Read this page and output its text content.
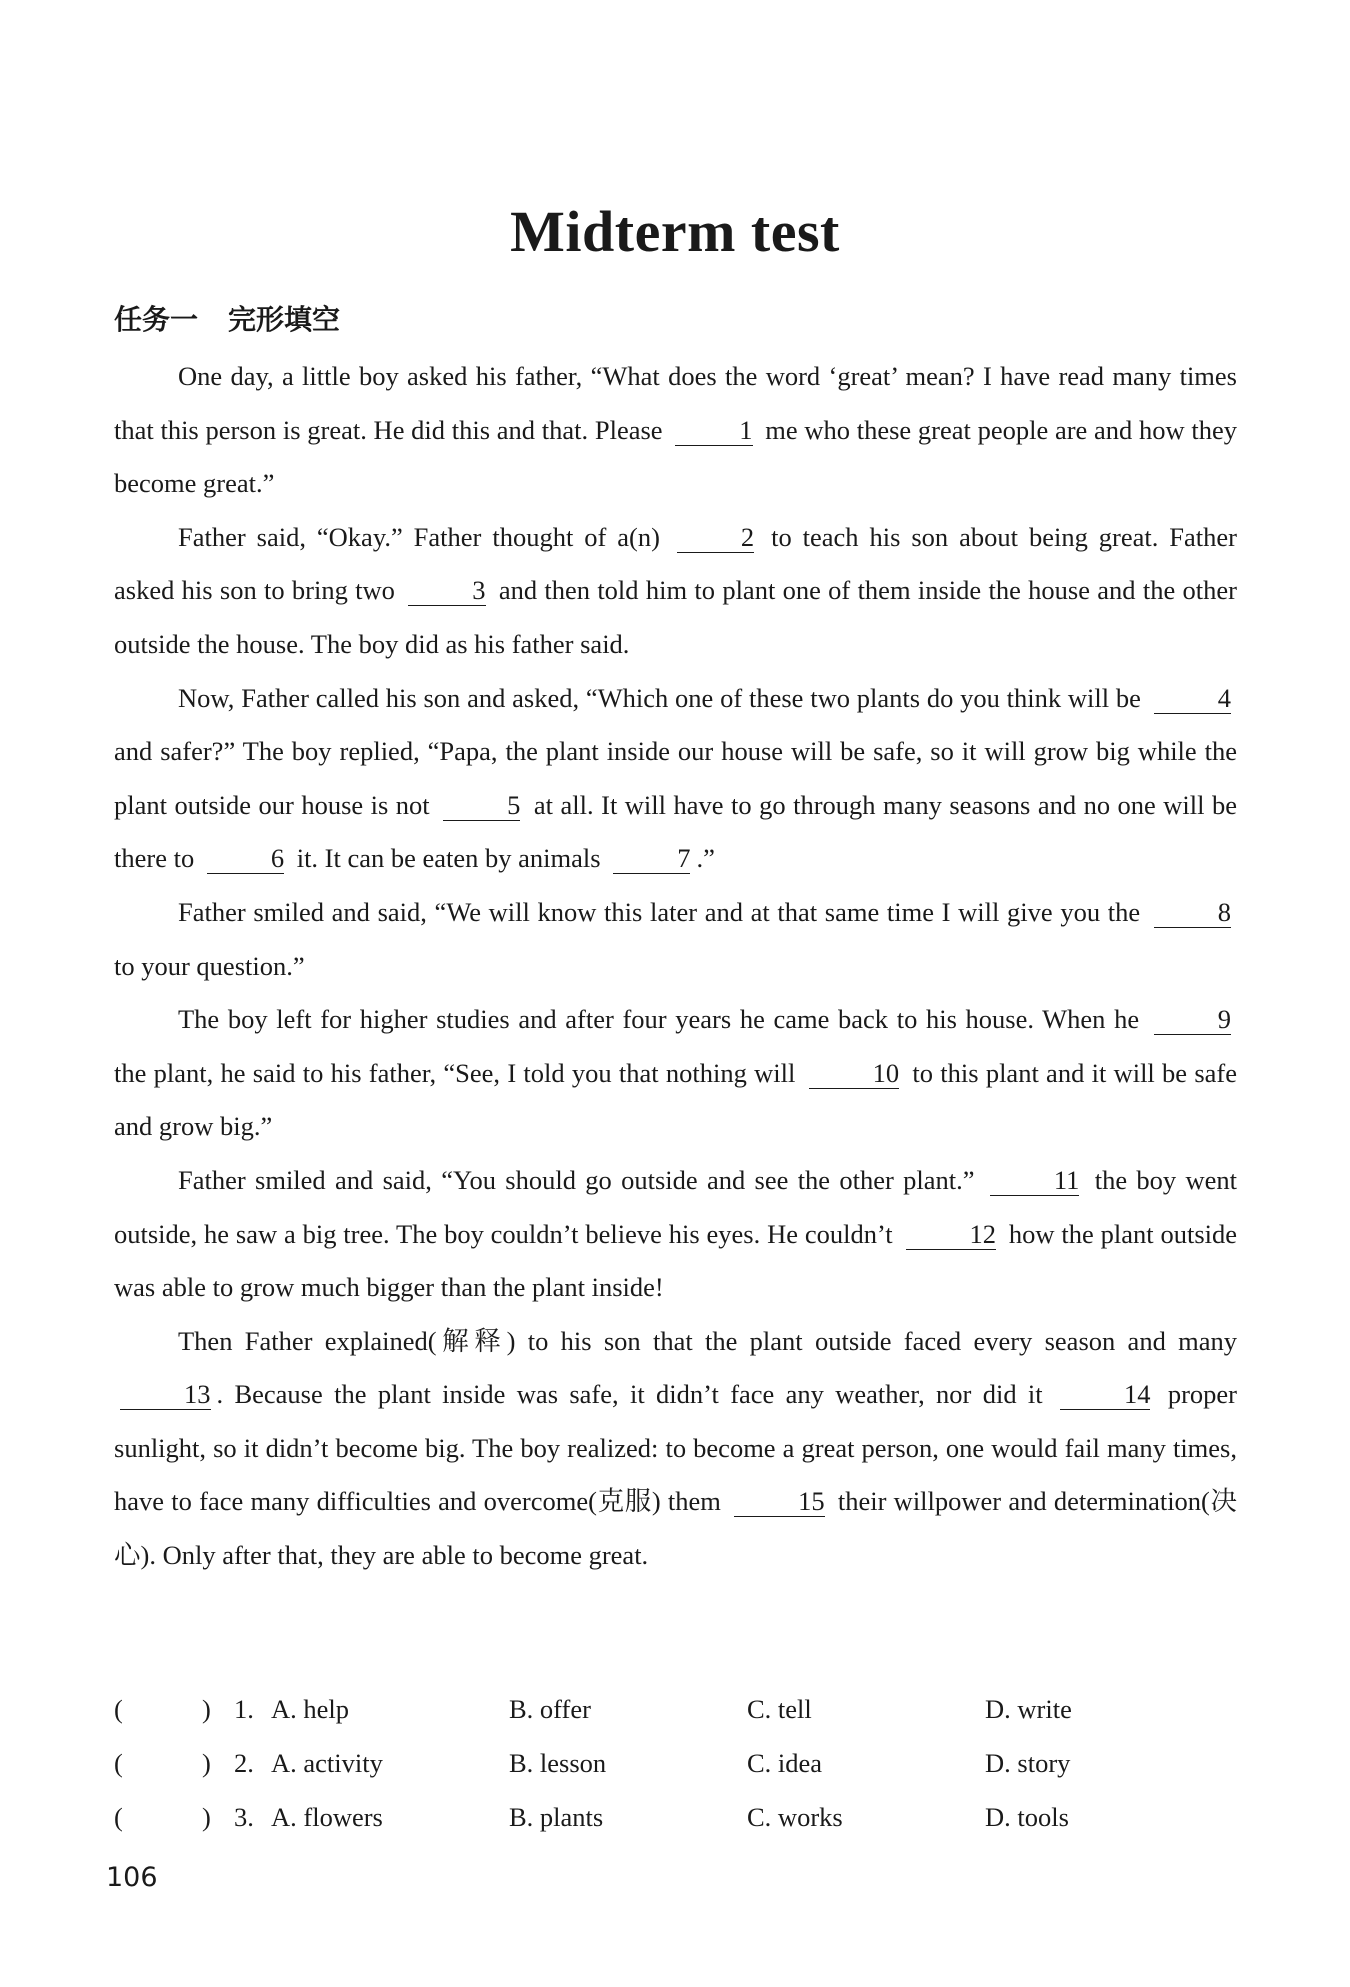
Midterm test
任务一 完形填空

One day, a little boy asked his father, “What does the word ‘great’ mean? I have read many times that this person is great. He did this and that. Please	1 me who these great people are and how they become great.”

Father said, “Okay.” Father thought of a(n)	2 to teach his son about being great. Father asked his son to bring two	3 and then told him to plant one of them inside the house and the other outside the house. The boy did as his father said.

Now, Father called his son and asked, “Which one of these two plants do you think will be	4 and safer?” The boy replied, “Papa, the plant inside our house will be safe, so it will grow big while the plant outside our house is not	5 at all. It will have to go through many seasons and no one will be there to	6 it. It can be eaten by animals	7 .”

Father smiled and said, “We will know this later and at that same time I will give you the	8 to your question.”

The boy left for higher studies and after four years he came back to his house. When he	9 the plant, he said to his father, “See, I told you that nothing will	10 to this plant and it will be safe and grow big.”

Father smiled and said, “You should go outside and see the other plant.”	11 the boy went outside, he saw a big tree. The boy couldn’t believe his eyes. He couldn’t	12 how the plant outside was able to grow much bigger than the plant inside!

Then Father explained(解释) to his son that the plant outside faced every season and many 13 . Because the plant inside was safe, it didn’t face any weather, nor did it	14 proper sunlight, so it didn’t become big. The boy realized: to become a great person, one would fail many times, have to face many difficulties and overcome(克服) them	15 their willpower and determination(决心). Only after that, they are able to become great.

(	) 1. A. help	B. offer	C. tell	D. write
(	) 2. A. activity	B. lesson	C. idea	D. story
(	) 3. A. flowers	B. plants	C. works	D. tools
106
